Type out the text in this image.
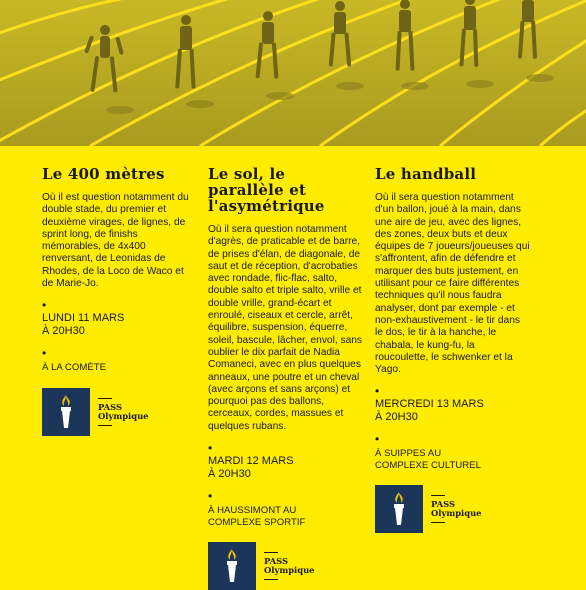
Le 400 mètres

Où il est question notamment du double stade, du premier et deuxième virages, de lignes, de sprint long, de finishs mémorables, de 4x400 renversant, de Leonidas de Rhodes, de la Loco de Waco et de Marie-Jo.

•

LUNDI 11 MARS

À 20H30

•

À LA COMÈTE

PASS
Olympique
Le sol, le parallèle et l'asymétrique

Où il sera question notamment d'agrès, de praticable et de barre, de prises d'élan, de diagonale, de saut et de réception, d'acrobaties avec rondade, flic-flac, salto, double salto et triple salto, vrille et double vrille, grand-écart et enroulé, ciseaux et cercle, arrêt, équilibre, suspension, équerre, soleil, bascule, lâcher, envol, sans oublier le dix parfait de Nadia Comaneci, avec en plus quelques anneaux, une poutre et un cheval (avec arçons et sans arçons) et pourquoi pas des ballons, cerceaux, cordes, massues et quelques rubans.

•

MARDI 12 MARS

À 20H30

•

À HAUSSIMONT AU
COMPLEXE SPORTIF

PASS
Olympique
Le handball

Où il sera question notamment d'un ballon, joué à la main, dans une aire de jeu, avec des lignes, des zones, deux buts et deux équipes de 7 joueurs/joueuses qui s'affrontent, afin de défendre et marquer des buts justement, en utilisant pour ce faire différentes techniques qu'il nous faudra analyser, dont par exemple - et non-exhaustivement - le tir dans le dos, le tir à la hanche, le chabala, le kung-fu, la roucoulette, le schwenker et la Yago.

•

MERCREDI 13 MARS

À 20H30

•

À SUIPPES AU
COMPLEXE CULTUREL

PASS
Olympique
